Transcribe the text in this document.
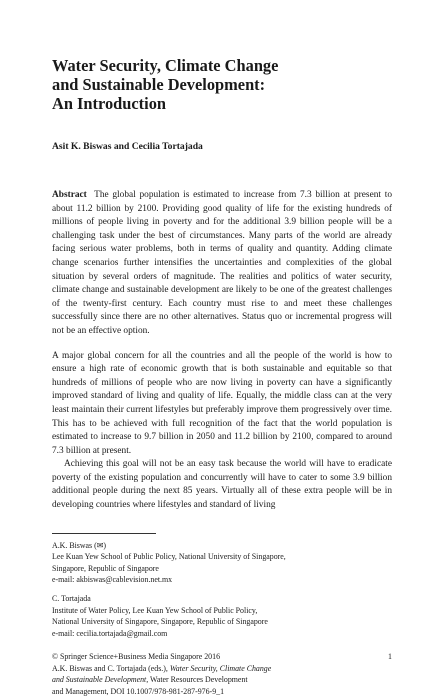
Water Security, Climate Change
and Sustainable Development:
An Introduction
Asit K. Biswas and Cecilia Tortajada
Abstract The global population is estimated to increase from 7.3 billion at present to about 11.2 billion by 2100. Providing good quality of life for the existing hundreds of millions of people living in poverty and for the additional 3.9 billion people will be a challenging task under the best of circumstances. Many parts of the world are already facing serious water problems, both in terms of quality and quantity. Adding climate change scenarios further intensifies the uncertainties and complexities of the global situation by several orders of magnitude. The realities and politics of water security, climate change and sustainable development are likely to be one of the greatest challenges of the twenty-first century. Each country must rise to and meet these challenges successfully since there are no other alternatives. Status quo or incremental progress will not be an effective option.

A major global concern for all the countries and all the people of the world is how to ensure a high rate of economic growth that is both sustainable and equitable so that hundreds of millions of people who are now living in poverty can have a significantly improved standard of living and quality of life. Equally, the middle class can at the very least maintain their current lifestyles but preferably improve them progressively over time. This has to be achieved with full recognition of the fact that the world population is estimated to increase to 9.7 billion in 2050 and 11.2 billion by 2100, compared to around 7.3 billion at present.

Achieving this goal will not be an easy task because the world will have to eradicate poverty of the existing population and concurrently will have to cater to some 3.9 billion additional people during the next 85 years. Virtually all of these extra people will be in developing countries where lifestyles and standard of living

A.K. Biswas (✉)
Lee Kuan Yew School of Public Policy, National University of Singapore,
Singapore, Republic of Singapore
e-mail: akbiswas@cablevision.net.mx
C. Tortajada
Institute of Water Policy, Lee Kuan Yew School of Public Policy,
National University of Singapore, Singapore, Republic of Singapore
e-mail: cecilia.tortajada@gmail.com
1
© Springer Science+Business Media Singapore 2016
A.K. Biswas and C. Tortajada (eds.), Water Security, Climate Change
and Sustainable Development, Water Resources Development
and Management, DOI 10.1007/978-981-287-976-9_1
